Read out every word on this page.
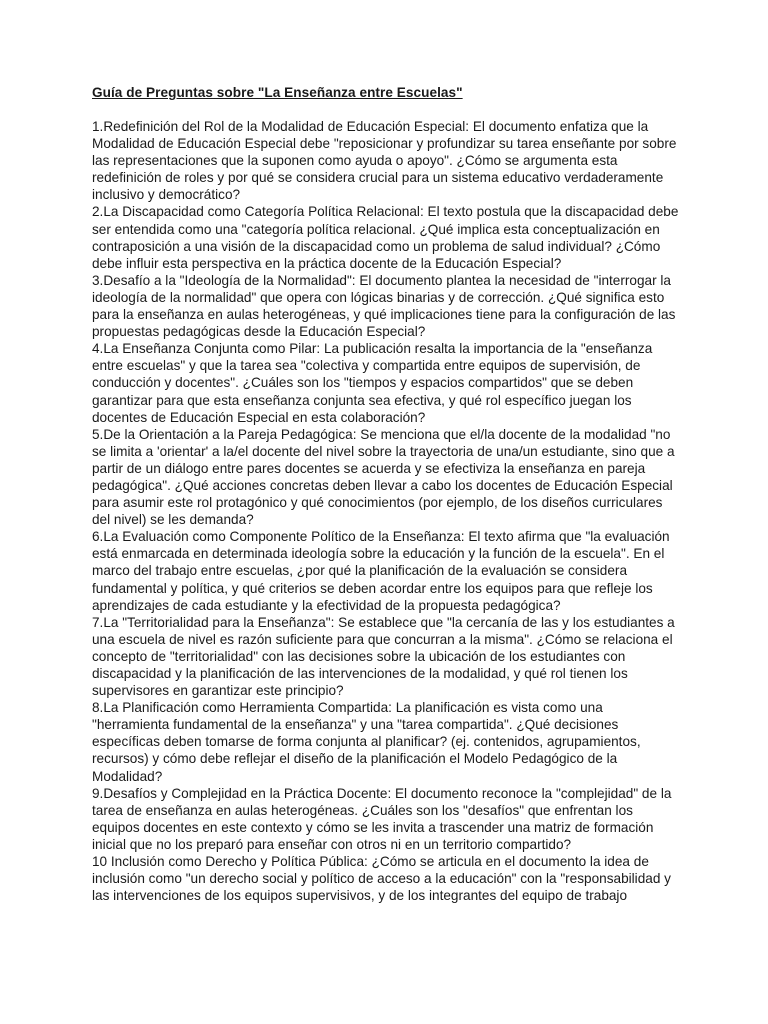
Guía de Preguntas sobre "La Enseñanza entre Escuelas"

1.Redefinición del Rol de la Modalidad de Educación Especial: El documento enfatiza que la Modalidad de Educación Especial debe "reposicionar y profundizar su tarea enseñante por sobre las representaciones que la suponen como ayuda o apoyo". ¿Cómo se argumenta esta redefinición de roles y por qué se considera crucial para un sistema educativo verdaderamente inclusivo y democrático?

2.La Discapacidad como Categoría Política Relacional: El texto postula que la discapacidad debe ser entendida como una "categoría política relacional. ¿Qué implica esta conceptualización en contraposición a una visión de la discapacidad como un problema de salud individual? ¿Cómo debe influir esta perspectiva en la práctica docente de la Educación Especial?

3.Desafío a la "Ideología de la Normalidad": El documento plantea la necesidad de "interrogar la ideología de la normalidad" que opera con lógicas binarias y de corrección. ¿Qué significa esto para la enseñanza en aulas heterogéneas, y qué implicaciones tiene para la configuración de las propuestas pedagógicas desde la Educación Especial?

4.La Enseñanza Conjunta como Pilar: La publicación resalta la importancia de la "enseñanza entre escuelas" y que la tarea sea "colectiva y compartida entre equipos de supervisión, de conducción y docentes". ¿Cuáles son los "tiempos y espacios compartidos" que se deben garantizar para que esta enseñanza conjunta sea efectiva, y qué rol específico juegan los docentes de Educación Especial en esta colaboración?

5.De la Orientación a la Pareja Pedagógica: Se menciona que el/la docente de la modalidad "no se limita a 'orientar' a la/el docente del nivel sobre la trayectoria de una/un estudiante, sino que a partir de un diálogo entre pares docentes se acuerda y se efectiviza la enseñanza en pareja pedagógica". ¿Qué acciones concretas deben llevar a cabo los docentes de Educación Especial para asumir este rol protagónico y qué conocimientos (por ejemplo, de los diseños curriculares del nivel) se les demanda?

6.La Evaluación como Componente Político de la Enseñanza: El texto afirma que "la evaluación está enmarcada en determinada ideología sobre la educación y la función de la escuela". En el marco del trabajo entre escuelas, ¿por qué la planificación de la evaluación se considera fundamental y política, y qué criterios se deben acordar entre los equipos para que refleje los aprendizajes de cada estudiante y la efectividad de la propuesta pedagógica?

7.La "Territorialidad para la Enseñanza": Se establece que "la cercanía de las y los estudiantes a una escuela de nivel es razón suficiente para que concurran a la misma". ¿Cómo se relaciona el concepto de "territorialidad" con las decisiones sobre la ubicación de los estudiantes con discapacidad y la planificación de las intervenciones de la modalidad, y qué rol tienen los supervisores en garantizar este principio?

8.La Planificación como Herramienta Compartida: La planificación es vista como una "herramienta fundamental de la enseñanza" y una "tarea compartida". ¿Qué decisiones específicas deben tomarse de forma conjunta al planificar? (ej. contenidos, agrupamientos, recursos) y cómo debe reflejar el diseño de la planificación el Modelo Pedagógico de la Modalidad?

9.Desafíos y Complejidad en la Práctica Docente: El documento reconoce la "complejidad" de la tarea de enseñanza en aulas heterogéneas. ¿Cuáles son los "desafíos" que enfrentan los equipos docentes en este contexto y cómo se les invita a trascender una matriz de formación inicial que no los preparó para enseñar con otros ni en un territorio compartido?

10 Inclusión como Derecho y Política Pública: ¿Cómo se articula en el documento la idea de inclusión como "un derecho social y político de acceso a la educación" con la "responsabilidad y las intervenciones de los equipos supervisivos, y de los integrantes del equipo de trabajo
